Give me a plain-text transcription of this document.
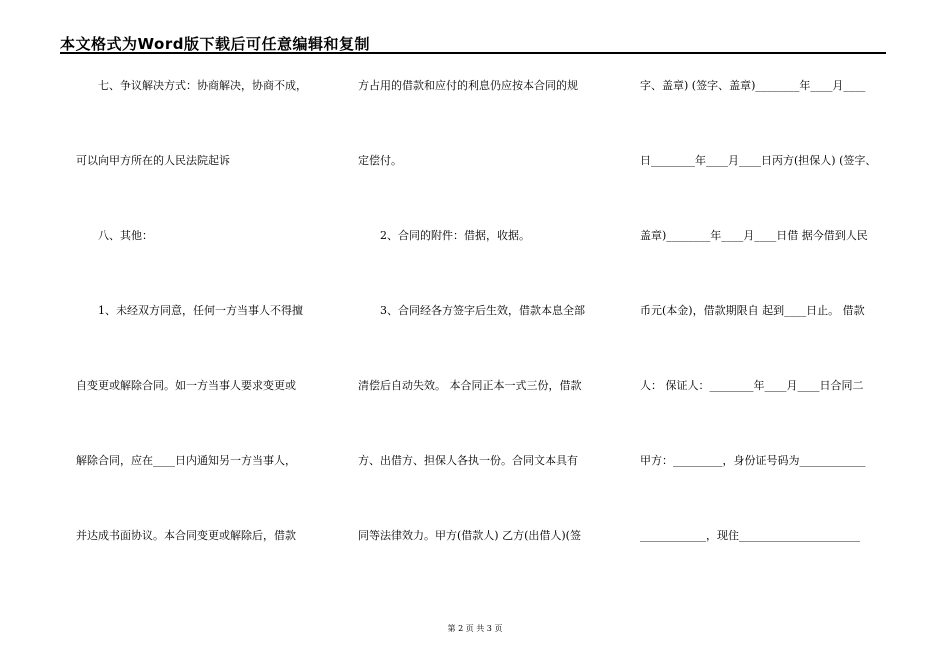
本文格式为Word版下载后可任意编辑和复制
　　七、争议解决方式：协商解决，协商不成，
可以向甲方所在的人民法院起诉
　　八、其他：
　　1、未经双方同意，任何一方当事人不得擅
自变更或解除合同。如一方当事人要求变更或
解除合同，应在____日内通知另一方当事人，
并达成书面协议。本合同变更或解除后，借款
方占用的借款和应付的利息仍应按本合同的规
定偿付。
　　2、合同的附件：借据，收据。
　　3、合同经各方签字后生效，借款本息全部
清偿后自动失效。 本合同正本一式三份，借款
方、出借方、担保人各执一份。合同文本具有
同等法律效力。甲方(借款人) 乙方(出借人)(签
字、盖章) (签字、盖章)________年____月____
日________年____月____日丙方(担保人) (签字、
盖章)________年____月____日借 据今借到人民
币元(本金)，借款期限自 起到____日止。 借款
人： 保证人：________年____月____日合同二
甲方：_________，身份证号码为____________
____________，现住______________________
第 2 页 共 3 页
